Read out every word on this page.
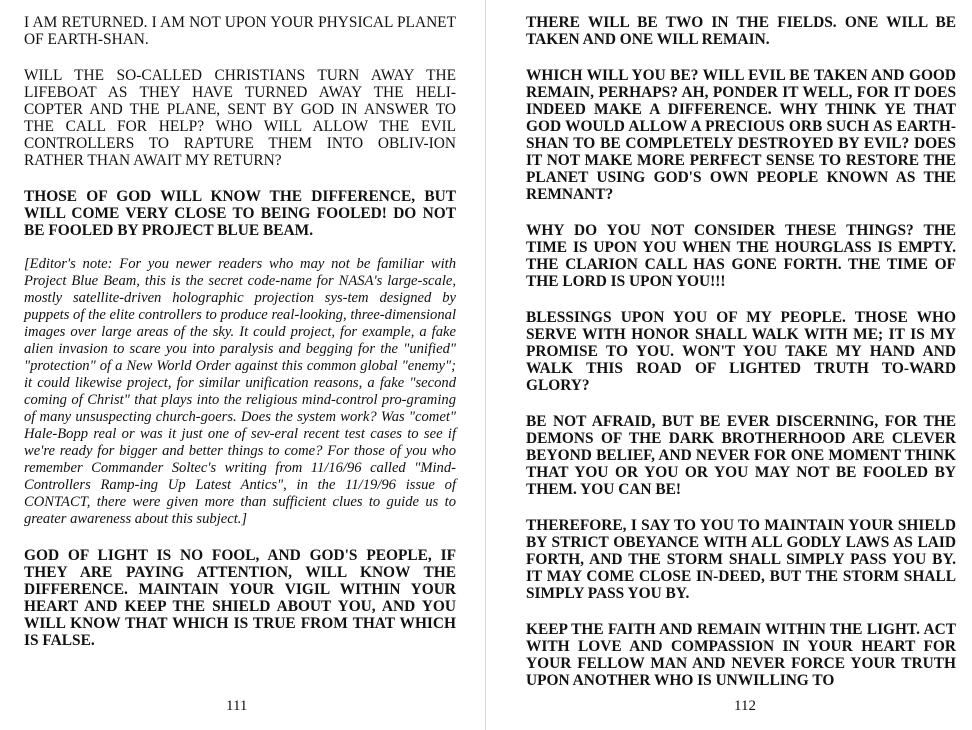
I AM RETURNED. I AM NOT UPON YOUR PHYSICAL PLANET OF EARTH-SHAN.

WILL THE SO-CALLED CHRISTIANS TURN AWAY THE LIFEBOAT AS THEY HAVE TURNED AWAY THE HELI-COPTER AND THE PLANE, SENT BY GOD IN ANSWER TO THE CALL FOR HELP? WHO WILL ALLOW THE EVIL CONTROLLERS TO RAPTURE THEM INTO OBLIV-ION RATHER THAN AWAIT MY RETURN?

THOSE OF GOD WILL KNOW THE DIFFERENCE, BUT WILL COME VERY CLOSE TO BEING FOOLED! DO NOT BE FOOLED BY PROJECT BLUE BEAM.

[Editor's note: For you newer readers who may not be familiar with Project Blue Beam, this is the secret code-name for NASA's large-scale, mostly satellite-driven holographic projection sys-tem designed by puppets of the elite controllers to produce real-looking, three-dimensional images over large areas of the sky. It could project, for example, a fake alien invasion to scare you into paralysis and begging for the "unified" "protection" of a New World Order against this common global "enemy"; it could likewise project, for similar unification reasons, a fake "second coming of Christ" that plays into the religious mind-control pro-graming of many unsuspecting church-goers. Does the system work? Was "comet" Hale-Bopp real or was it just one of sev-eral recent test cases to see if we're ready for bigger and better things to come? For those of you who remember Commander Soltec's writing from 11/16/96 called "Mind-Controllers Ramp-ing Up Latest Antics", in the 11/19/96 issue of CONTACT, there were given more than sufficient clues to guide us to greater awareness about this subject.]

GOD OF LIGHT IS NO FOOL, AND GOD'S PEOPLE, IF THEY ARE PAYING ATTENTION, WILL KNOW THE DIFFERENCE. MAINTAIN YOUR VIGIL WITHIN YOUR HEART AND KEEP THE SHIELD ABOUT YOU, AND YOU WILL KNOW THAT WHICH IS TRUE FROM THAT WHICH IS FALSE.

THERE WILL BE TWO IN THE FIELDS. ONE WILL BE TAKEN AND ONE WILL REMAIN.

WHICH WILL YOU BE? WILL EVIL BE TAKEN AND GOOD REMAIN, PERHAPS? AH, PONDER IT WELL, FOR IT DOES INDEED MAKE A DIFFERENCE. WHY THINK YE THAT GOD WOULD ALLOW A PRECIOUS ORB SUCH AS EARTH-SHAN TO BE COMPLETELY DESTROYED BY EVIL? DOES IT NOT MAKE MORE PERFECT SENSE TO RESTORE THE PLANET USING GOD'S OWN PEOPLE KNOWN AS THE REMNANT?

WHY DO YOU NOT CONSIDER THESE THINGS? THE TIME IS UPON YOU WHEN THE HOURGLASS IS EMPTY. THE CLARION CALL HAS GONE FORTH. THE TIME OF THE LORD IS UPON YOU!!!

BLESSINGS UPON YOU OF MY PEOPLE. THOSE WHO SERVE WITH HONOR SHALL WALK WITH ME; IT IS MY PROMISE TO YOU. WON'T YOU TAKE MY HAND AND WALK THIS ROAD OF LIGHTED TRUTH TO-WARD GLORY?

BE NOT AFRAID, BUT BE EVER DISCERNING, FOR THE DEMONS OF THE DARK BROTHERHOOD ARE CLEVER BEYOND BELIEF, AND NEVER FOR ONE MOMENT THINK THAT YOU OR YOU OR YOU MAY NOT BE FOOLED BY THEM. YOU CAN BE!

THEREFORE, I SAY TO YOU TO MAINTAIN YOUR SHIELD BY STRICT OBEYANCE WITH ALL GODLY LAWS AS LAID FORTH, AND THE STORM SHALL SIMPLY PASS YOU BY. IT MAY COME CLOSE IN-DEED, BUT THE STORM SHALL SIMPLY PASS YOU BY.

KEEP THE FAITH AND REMAIN WITHIN THE LIGHT. ACT WITH LOVE AND COMPASSION IN YOUR HEART FOR YOUR FELLOW MAN AND NEVER FORCE YOUR TRUTH UPON ANOTHER WHO IS UNWILLING TO

111	112
